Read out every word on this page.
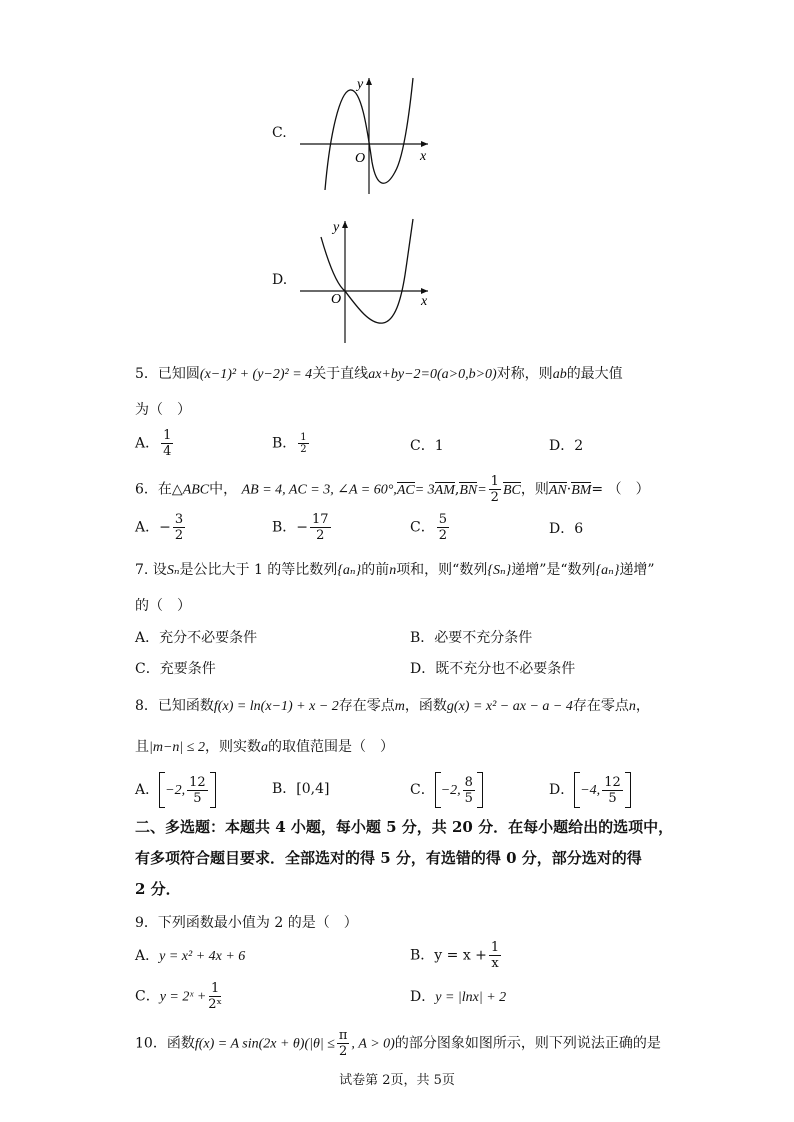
C.
O	x
y
D.
O	x
y
5．已知圆(x−1)² + (y−2)² = 4关于直线ax+by−2=0(a>0,b>0)对称，则ab的最大值
为（　）
A． $\frac{1}{4}$	B． $\frac{1}{2}$	C．1	D．2
6．在△ABC中， AB = 4, AC = 3, ∠A = $60^\circ,AC= 3AM,BN= \frac{1}{2}$ BC，则AN·BM= （　）
A．− $\frac{3}{2}$	B．− $\frac{17}{2}$	C． $\frac{5}{2}$	D．6
7. 设Sₙ是公比大于 1 的等比数列{aₙ}的前n项和，则“数列{Sₙ}递增”是“数列{aₙ}递增”
的（　）
A．充分不必要条件	B．必要不充分条件
C．充要条件	D．既不充分也不必要条件
8．已知函数f(x) = ln(x−1) + x − 2存在零点m，函数g(x) = x² − ax − a − 4存在零点n，
且|m−n| ≤ 2，则实数a的取值范围是（　）
A． −2, $\frac{12}{5}$	B．[0,4]	C． −2, $\frac{8}{5}$	D． −4, $\frac{12}{5}$
二、多选题：本题共 4 小题，每小题 5 分，共 20 分．在每小题给出的选项中，
有多项符合题目要求．全部选对的得 5 分，有选错的得 0 分，部分选对的得
2 分．
9．下列函数最小值为 2 的是（　）
A．y = x² + 4x + 6	B．$y = x + \frac{1}{x}$
C．y = 2ˣ + $\frac{1}{\text{2ˣ}}$	D．y = |lnx| + 2
10．函数f(x) = A $\sin(2x + \theta)(|\theta| \le \frac{\pi}{2}$ , A > 0)的部分图象如图所示，则下列说法正确的是
试卷第 2页，共 5页
